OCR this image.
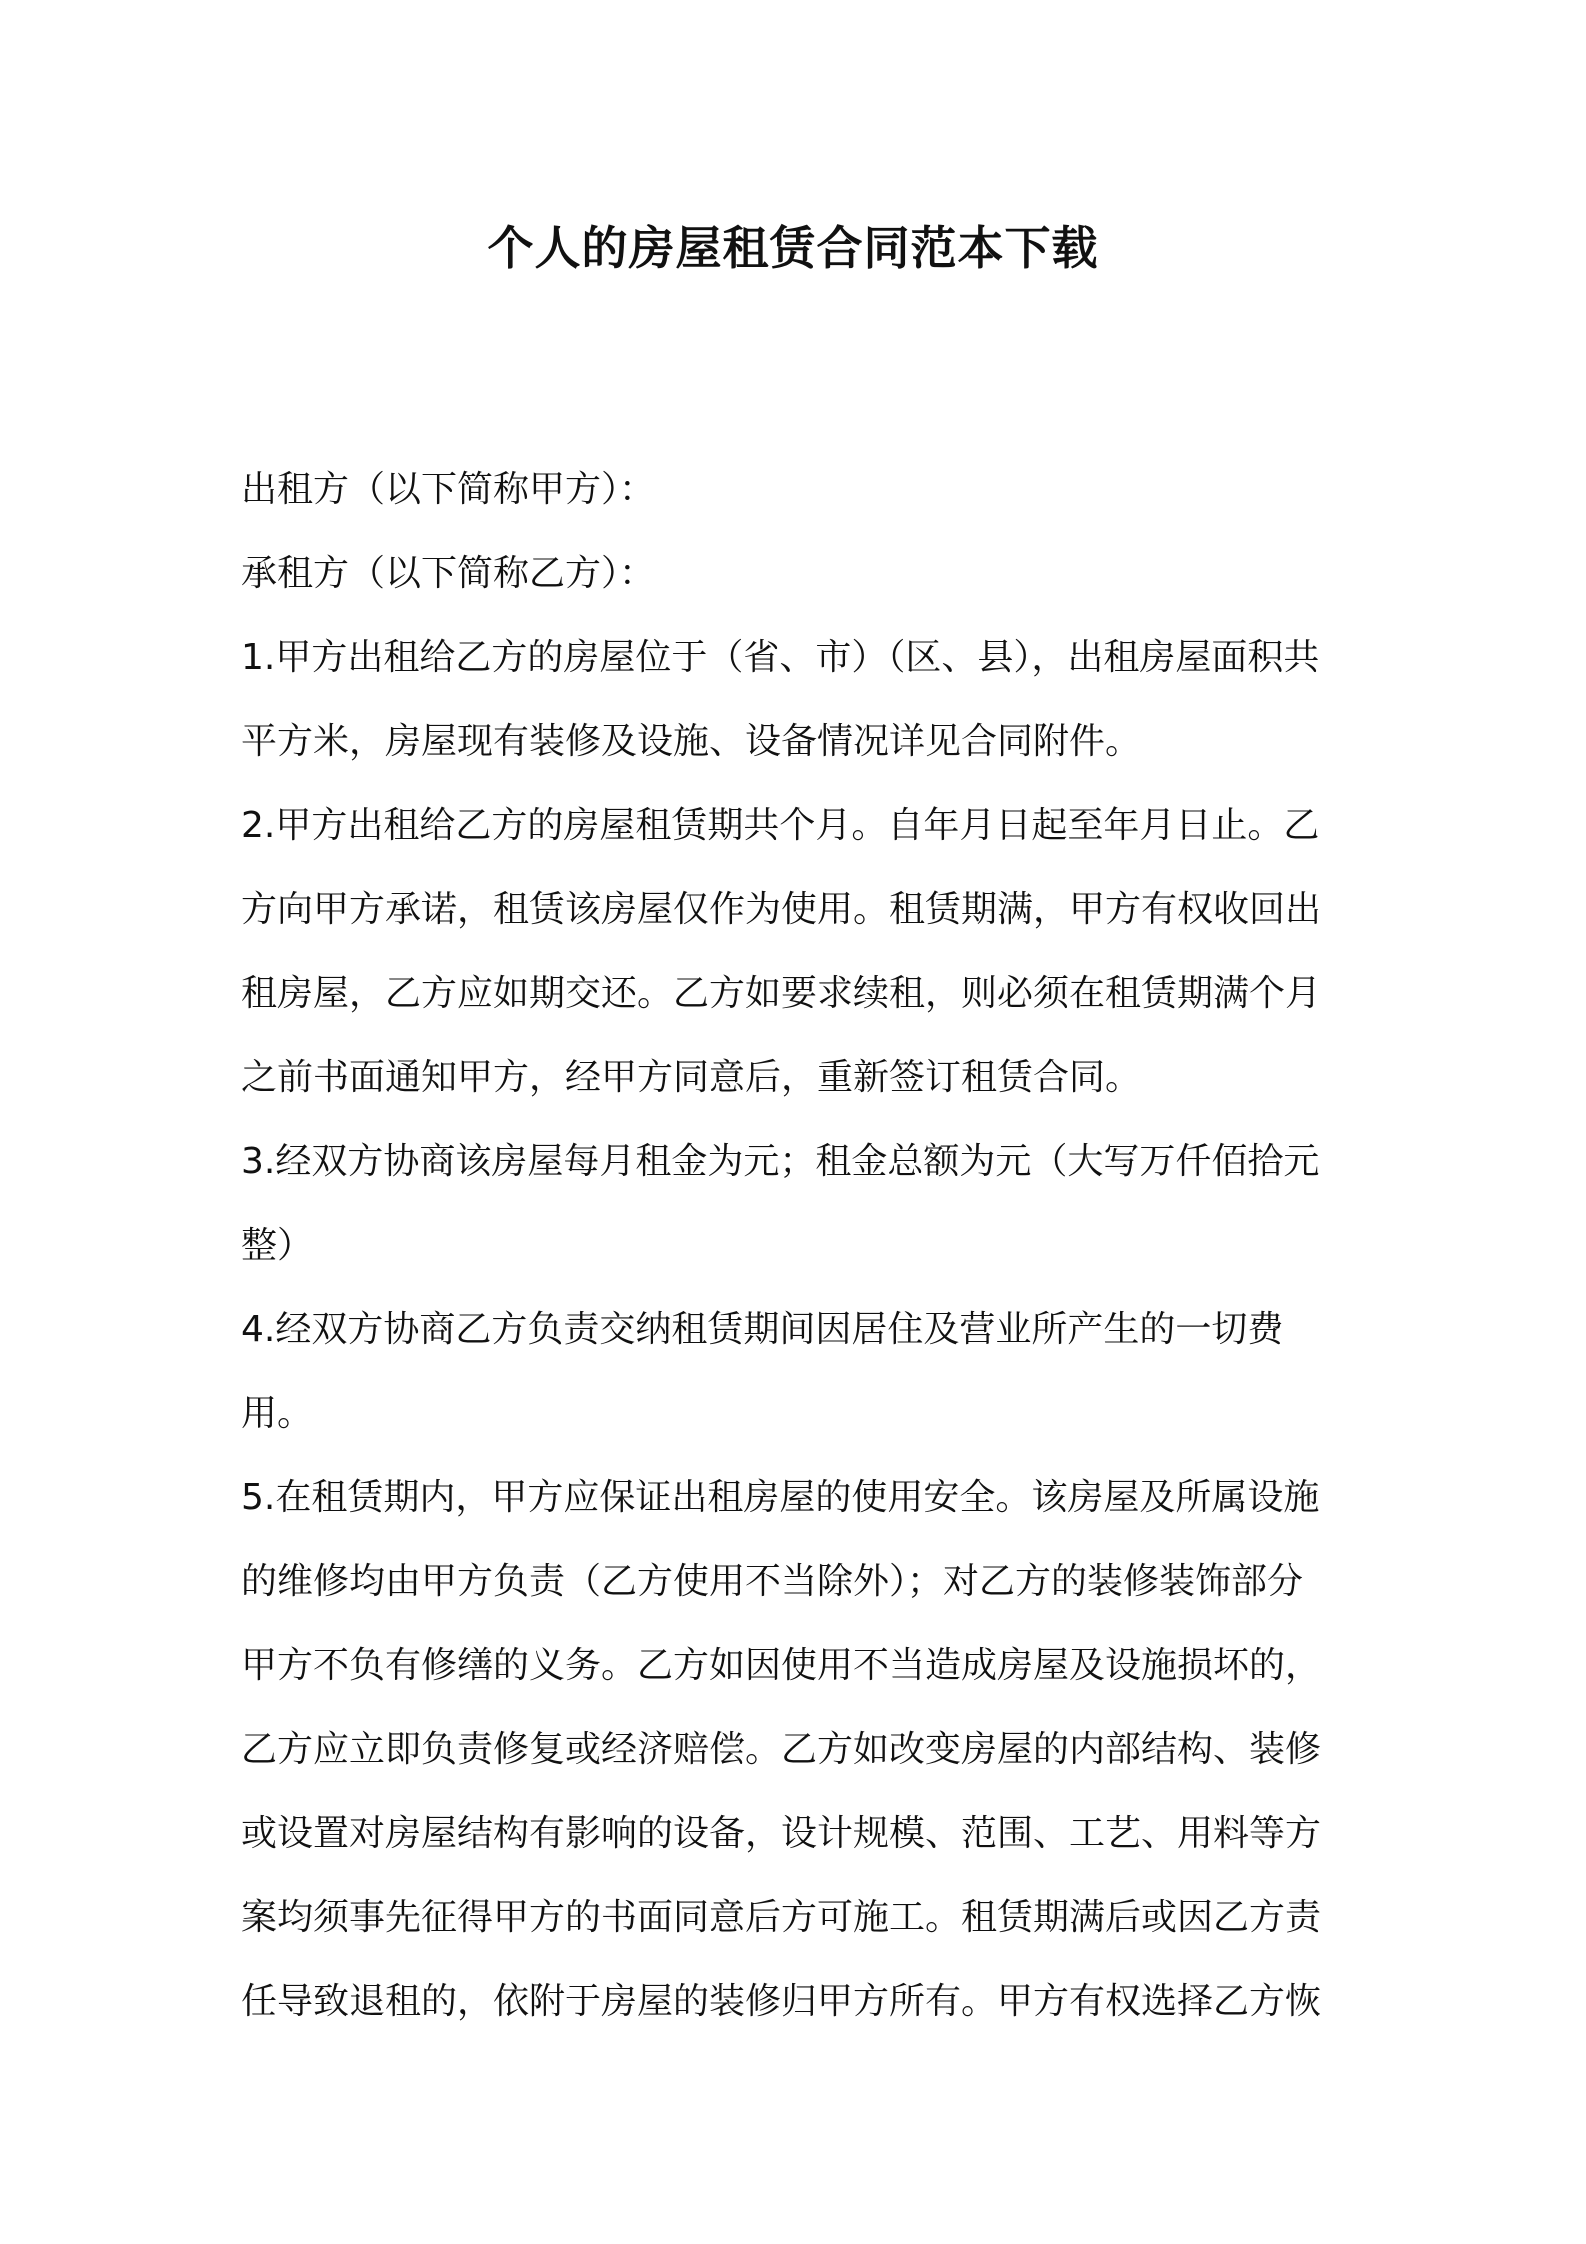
个人的房屋租赁合同范本下载

出租方（以下简称甲方）：

承租方（以下简称乙方）：

1.甲方出租给乙方的房屋位于（省、市）（区、县），出租房屋面积共

平方米，房屋现有装修及设施、设备情况详见合同附件。

2.甲方出租给乙方的房屋租赁期共个月。自年月日起至年月日止。乙

方向甲方承诺，租赁该房屋仅作为使用。租赁期满，甲方有权收回出

租房屋，乙方应如期交还。乙方如要求续租，则必须在租赁期满个月

之前书面通知甲方，经甲方同意后，重新签订租赁合同。

3.经双方协商该房屋每月租金为元；租金总额为元（大写万仟佰拾元

整）

4.经双方协商乙方负责交纳租赁期间因居住及营业所产生的一切费

用。

5.在租赁期内，甲方应保证出租房屋的使用安全。该房屋及所属设施

的维修均由甲方负责（乙方使用不当除外）；对乙方的装修装饰部分

甲方不负有修缮的义务。乙方如因使用不当造成房屋及设施损坏的，

乙方应立即负责修复或经济赔偿。乙方如改变房屋的内部结构、装修

或设置对房屋结构有影响的设备，设计规模、范围、工艺、用料等方

案均须事先征得甲方的书面同意后方可施工。租赁期满后或因乙方责

任导致退租的，依附于房屋的装修归甲方所有。甲方有权选择乙方恢
